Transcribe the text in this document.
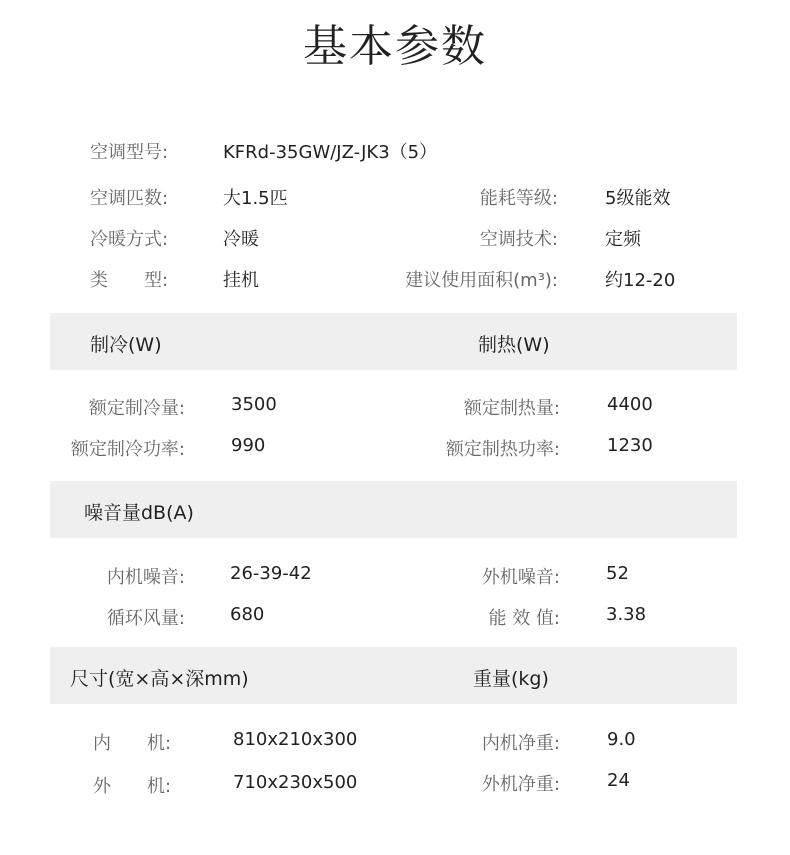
基本参数
空调型号:	KFRd-35GW/JZ-JK3（5）
空调匹数:	大1.5匹	能耗等级:	5级能效
冷暖方式:	冷暖	空调技术:	定频
类　　型:	挂机	建议使用面积(m³):	约12-20
制冷(W)	制热(W)
额定制冷量:	3500	额定制热量:	4400
额定制冷功率:	990	额定制热功率:	1230
噪音量dB(A)
内机噪音:	26-39-42	外机噪音:	52
循环风量:	680	能 效 值:	3.38
尺寸(宽×高×深mm)	重量(kg)
内　　机:	810x210x300	内机净重:	9.0
外　　机:	710x230x500	外机净重:	24
